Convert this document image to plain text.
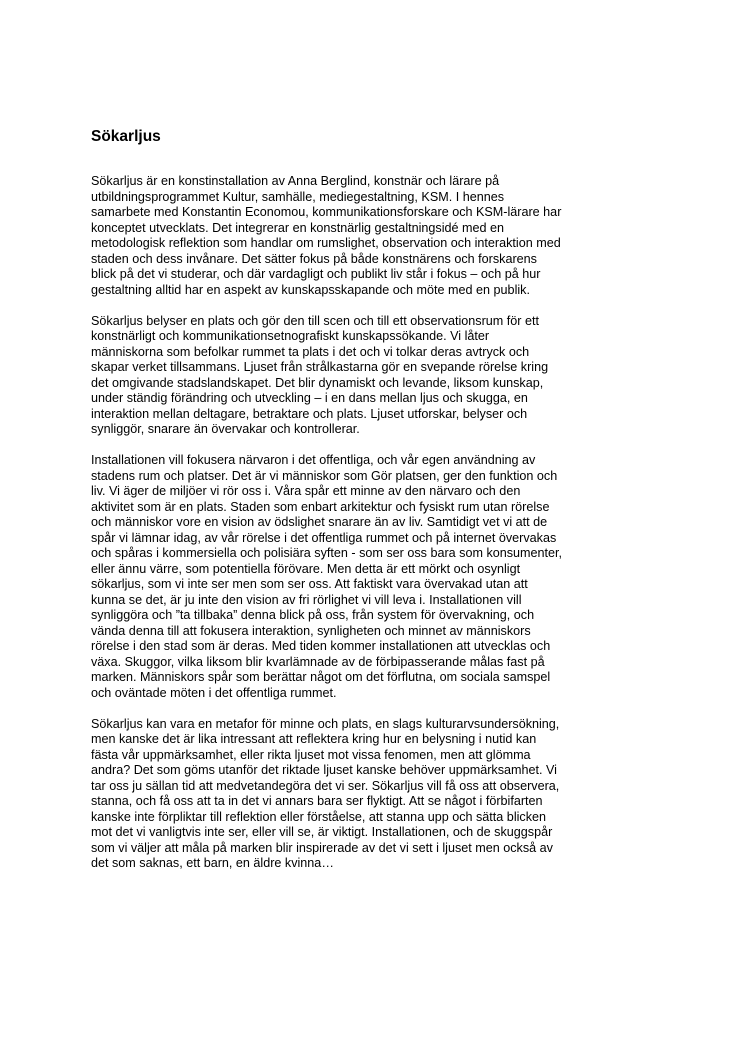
Sökarljus

Sökarljus är en konstinstallation av Anna Berglind, konstnär och lärare på
utbildningsprogrammet Kultur, samhälle, mediegestaltning, KSM. I hennes
samarbete med Konstantin Economou, kommunikationsforskare och KSM-lärare har
konceptet utvecklats. Det integrerar en konstnärlig gestaltningsidé med en
metodologisk reflektion som handlar om rumslighet, observation och interaktion med
staden och dess invånare. Det sätter fokus på både konstnärens och forskarens
blick på det vi studerar, och där vardagligt och publikt liv står i fokus – och på hur
gestaltning alltid har en aspekt av kunskapsskapande och möte med en publik.

Sökarljus belyser en plats och gör den till scen och till ett observationsrum för ett
konstnärligt och kommunikationsetnografiskt kunskapssökande. Vi låter
människorna som befolkar rummet ta plats i det och vi tolkar deras avtryck och
skapar verket tillsammans. Ljuset från strålkastarna gör en svepande rörelse kring
det omgivande stadslandskapet. Det blir dynamiskt och levande, liksom kunskap,
under ständig förändring och utveckling – i en dans mellan ljus och skugga, en
interaktion mellan deltagare, betraktare och plats. Ljuset utforskar, belyser och
synliggör, snarare än övervakar och kontrollerar.

Installationen vill fokusera närvaron i det offentliga, och vår egen användning av
stadens rum och platser. Det är vi människor som Gör platsen, ger den funktion och
liv. Vi äger de miljöer vi rör oss i. Våra spår ett minne av den närvaro och den
aktivitet som är en plats. Staden som enbart arkitektur och fysiskt rum utan rörelse
och människor vore en vision av ödslighet snarare än av liv. Samtidigt vet vi att de
spår vi lämnar idag, av vår rörelse i det offentliga rummet och på internet övervakas
och spåras i kommersiella och polisiära syften - som ser oss bara som konsumenter,
eller ännu värre, som potentiella förövare. Men detta är ett mörkt och osynligt
sökarljus, som vi inte ser men som ser oss. Att faktiskt vara övervakad utan att
kunna se det, är ju inte den vision av fri rörlighet vi vill leva i. Installationen vill
synliggöra och ”ta tillbaka” denna blick på oss, från system för övervakning, och
vända denna till att fokusera interaktion, synligheten och minnet av människors
rörelse i den stad som är deras. Med tiden kommer installationen att utvecklas och
växa. Skuggor, vilka liksom blir kvarlämnade av de förbipasserande målas fast på
marken. Människors spår som berättar något om det förflutna, om sociala samspel
och oväntade möten i det offentliga rummet.

Sökarljus kan vara en metafor för minne och plats, en slags kulturarvsundersökning,
men kanske det är lika intressant att reflektera kring hur en belysning i nutid kan
fästa vår uppmärksamhet, eller rikta ljuset mot vissa fenomen, men att glömma
andra? Det som göms utanför det riktade ljuset kanske behöver uppmärksamhet. Vi
tar oss ju sällan tid att medvetandegöra det vi ser. Sökarljus vill få oss att observera,
stanna, och få oss att ta in det vi annars bara ser flyktigt. Att se något i förbifarten
kanske inte förpliktar till reflektion eller förståelse, att stanna upp och sätta blicken
mot det vi vanligtvis inte ser, eller vill se, är viktigt. Installationen, och de skuggspår
som vi väljer att måla på marken blir inspirerade av det vi sett i ljuset men också av
det som saknas, ett barn, en äldre kvinna…
